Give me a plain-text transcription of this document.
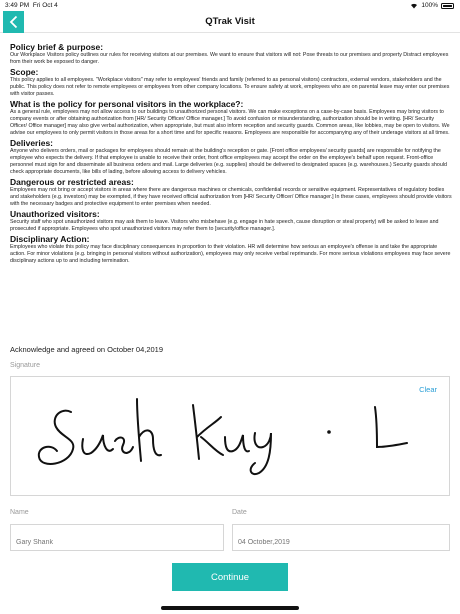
3:49 PM Fri Oct 4	100%
QTrak Visit
Policy brief & purpose:

Our Workplace Visitors policy outlines our rules for receiving visitors at our premises. We want to ensure that visitors will not: Pose threats to our premises and property Distract employees from their work be exposed to danger.

Scope:

This policy applies to all employees. "Workplace visitors" may refer to employees' friends and family (referred to as personal visitors) contractors, external vendors, stakeholders and the public. This policy does not refer to remote employees or employees from other company locations. To ensure safety at work, employees who are on parental leave may enter our premises with visitor passes.

What is the policy for personal visitors in the workplace?:

As a general rule, employees may not allow access to our buildings to unauthorized personal visitors. We can make exceptions on a case-by-case basis. Employees may bring visitors to company events or after obtaining authorization from [HR/ Security Officer/ Office manager.] To avoid confusion or misunderstanding, authorization should be in writing. [HR/ Security Officer/ Office manager] may also give verbal authorization, when appropriate, but must also inform reception and security guards. Common areas, like lobbies, may be open to visitors. We advise our employees to only permit visitors in those areas for a short time and for specific reasons. Employees are responsible for accompanying any of their underage visitors at all times.

Deliveries:

Anyone who delivers orders, mail or packages for employees should remain at the building's reception or gate. [Front office employees/ security guards] are responsible for notifying the employee who expects the delivery. If that employee is unable to receive their order, front office employees may accept the order on the employee's behalf upon request. Front-office personnel must sign for and disseminate all business orders and mail. Large deliveries (e.g. supplies) should be delivered to designated spaces (e.g. warehouses.) Security guards should check appropriate documents, like bills of lading, before allowing access to delivery vehicles.

Dangerous or restricted areas:

Employees may not bring or accept visitors in areas where there are dangerous machines or chemicals, confidential records or sensitive equipment. Representatives of regulatory bodies and stakeholders (e.g. investors) may be exempted, if they have received official authorization from [HR/ Security Officer/ Office manager.] In these cases, employees should provide visitors with the necessary badges and protective equipment to enter premises when needed.

Unauthorized visitors:

Security staff who spot unauthorized visitors may ask them to leave. Visitors who misbehave (e.g. engage in hate speech, cause disruption or steal property) will be asked to leave and prosecuted if appropriate. Employees who spot unauthorized visitors may refer them to [security/office manager.].

Disciplinary Action:

Employees who violate this policy may face disciplinary consequences in proportion to their violation. HR will determine how serious an employee's offense is and take the appropriate action. For minor violations (e.g. bringing in personal visitors without authorization), employees may only receive verbal reprimands. For more serious violations employees may face severe disciplinary actions up to and including termination.

Acknowledge and agreed on October 04,2019
Signature
Clear
Name
Gary Shank	Date
04 October,2019
Continue
